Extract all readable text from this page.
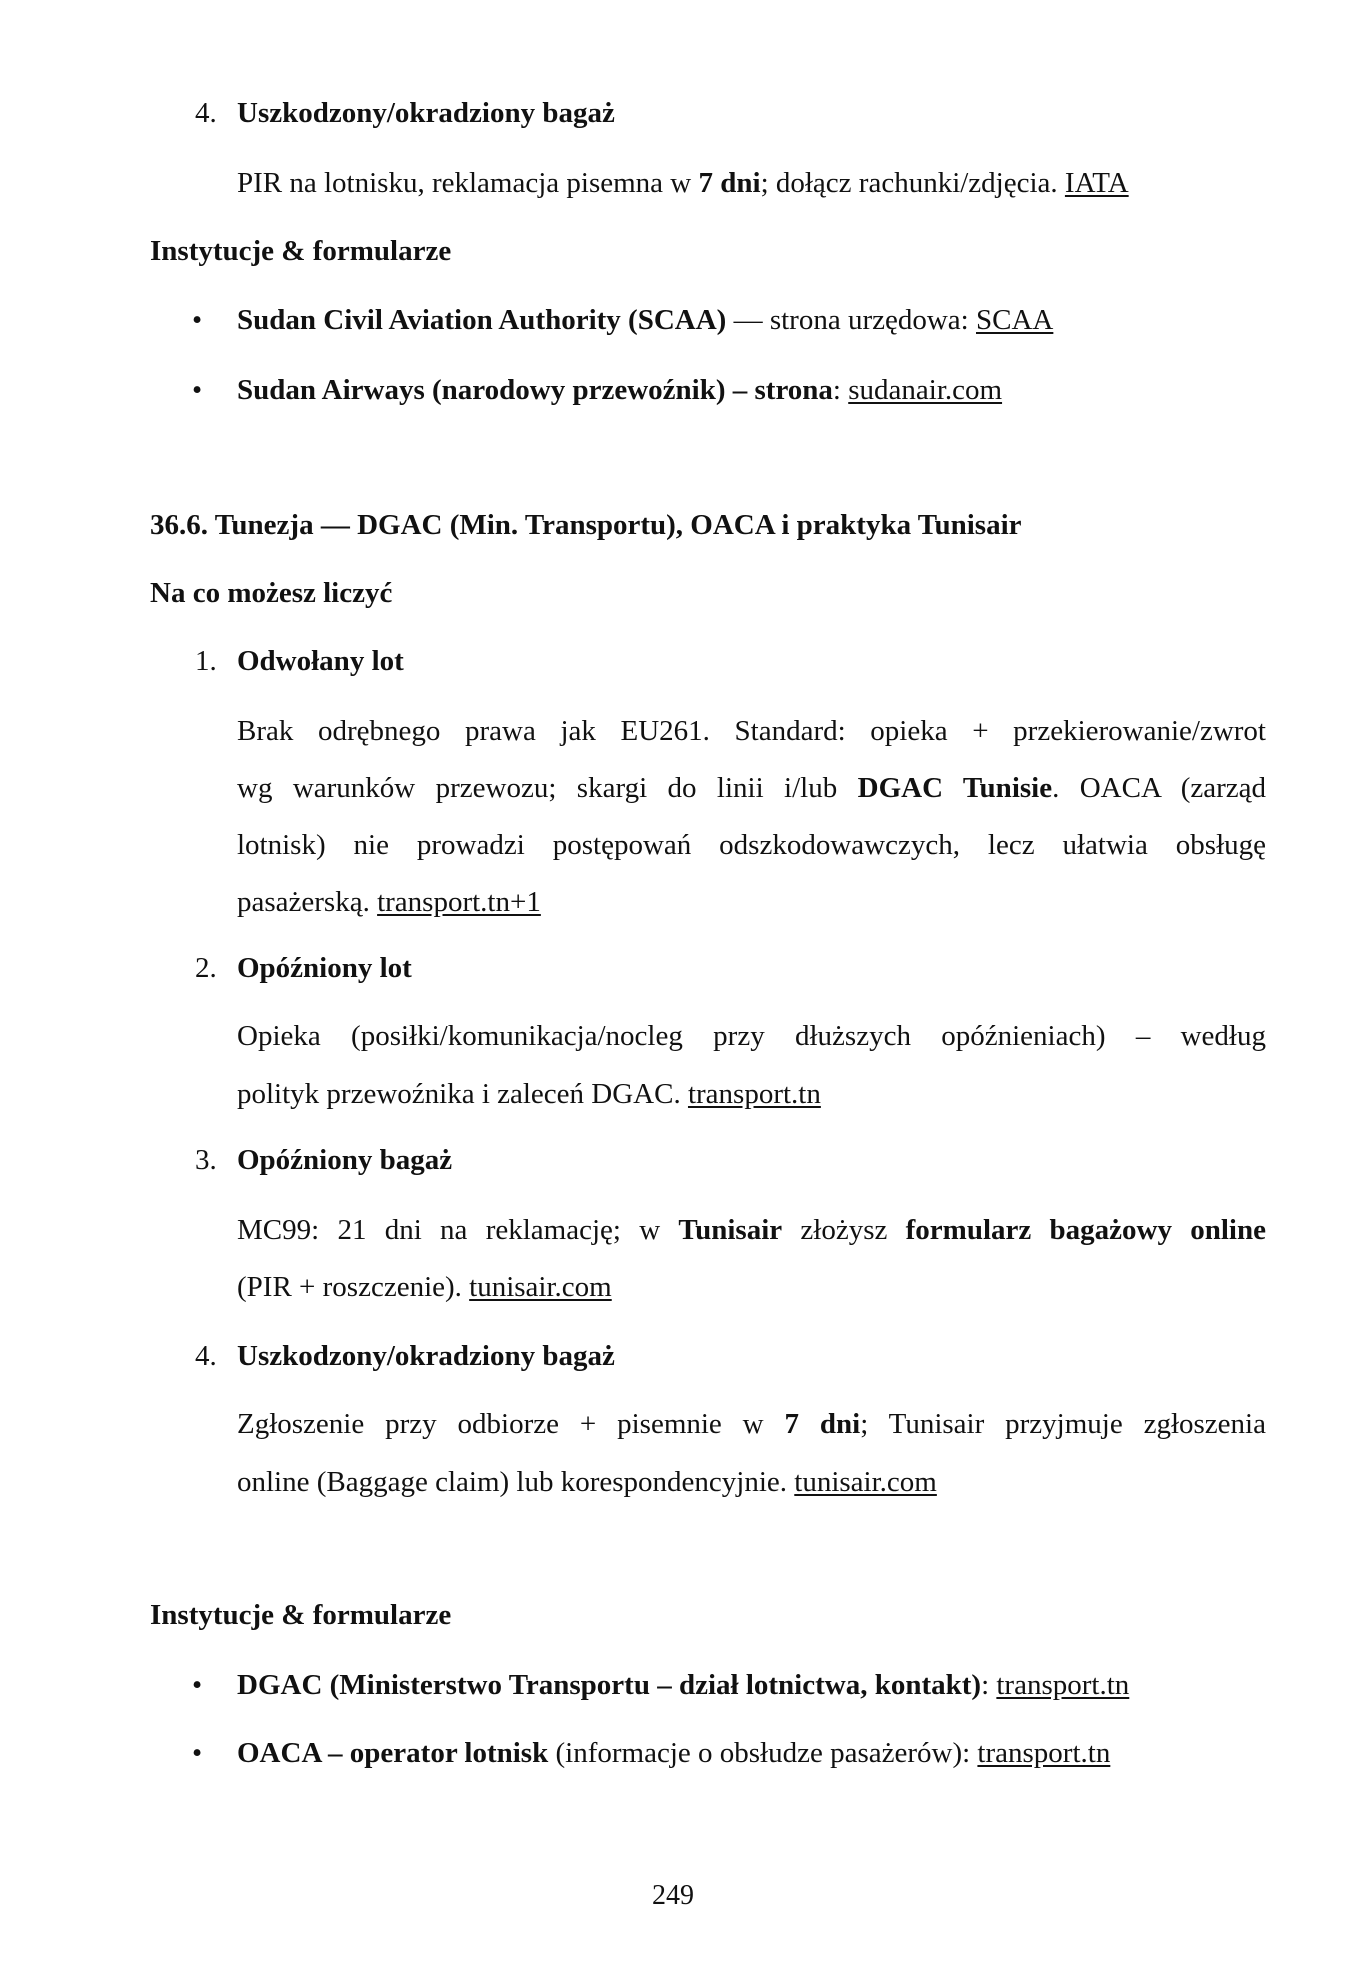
4. Uszkodzony/okradziony bagaż
PIR na lotnisku, reklamacja pisemna w 7 dni; dołącz rachunki/zdjęcia. IATA
Instytucje & formularze
• Sudan Civil Aviation Authority (SCAA) — strona urzędowa: SCAA
• Sudan Airways (narodowy przewoźnik) – strona: sudanair.com
36.6. Tunezja — DGAC (Min. Transportu), OACA i praktyka Tunisair
Na co możesz liczyć
1. Odwołany lot
Brak odrębnego prawa jak EU261. Standard: opieka + przekierowanie/zwrot
wg warunków przewozu; skargi do linii i/lub DGAC Tunisie. OACA (zarząd
lotnisk) nie prowadzi postępowań odszkodowawczych, lecz ułatwia obsługę
pasażerską. transport.tn+1
2. Opóźniony lot
Opieka (posiłki/komunikacja/nocleg przy dłuższych opóźnieniach) – według
polityk przewoźnika i zaleceń DGAC. transport.tn
3. Opóźniony bagaż
MC99: 21 dni na reklamację; w Tunisair złożysz formularz bagażowy online
(PIR + roszczenie). tunisair.com
4. Uszkodzony/okradziony bagaż
Zgłoszenie przy odbiorze + pisemnie w 7 dni; Tunisair przyjmuje zgłoszenia
online (Baggage claim) lub korespondencyjnie. tunisair.com
Instytucje & formularze
• DGAC (Ministerstwo Transportu – dział lotnictwa, kontakt): transport.tn
• OACA – operator lotnisk (informacje o obsłudze pasażerów): transport.tn
249
